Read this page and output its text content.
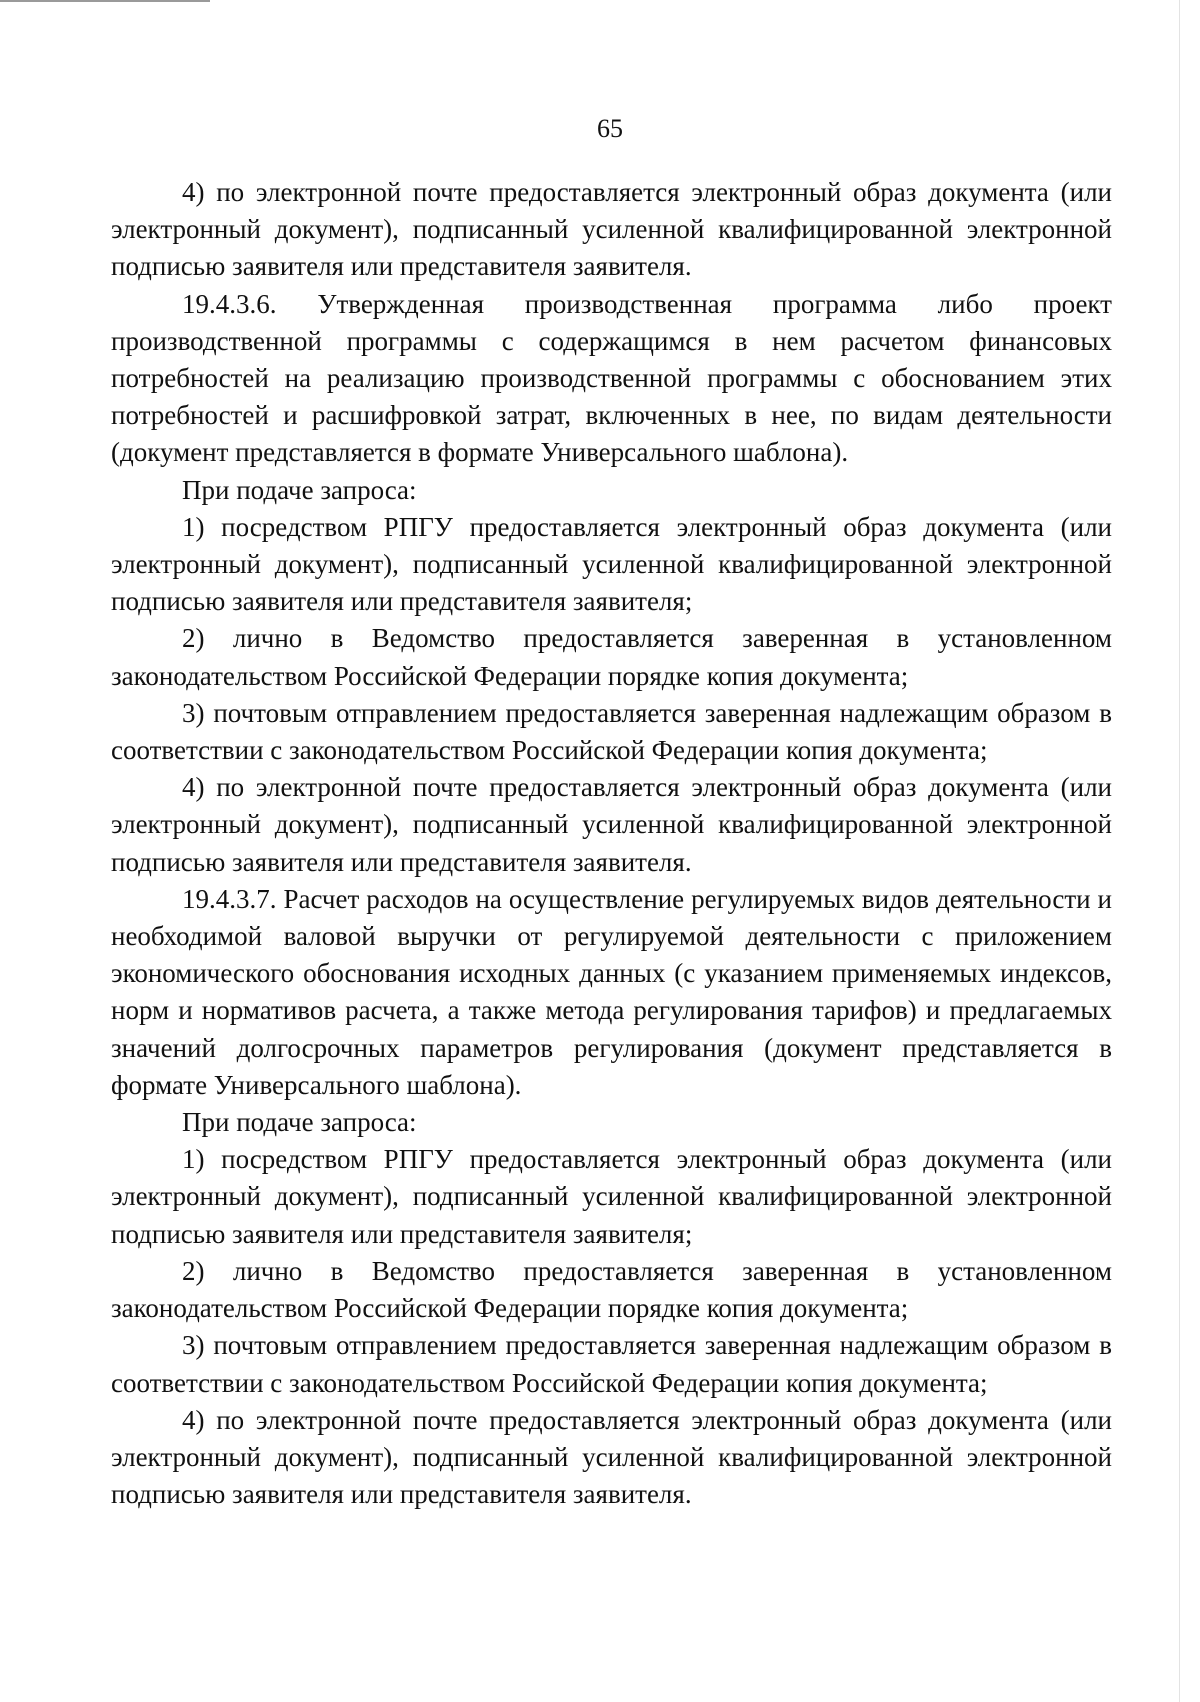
65

4) по электронной почте предоставляется электронный образ документа (или электронный документ), подписанный усиленной квалифицированной электронной подписью заявителя или представителя заявителя.

19.4.3.6. Утвержденная производственная программа либо проект производственной программы с содержащимся в нем расчетом финансовых потребностей на реализацию производственной программы с обоснованием этих потребностей и расшифровкой затрат, включенных в нее, по видам деятельности (документ представляется в формате Универсального шаблона).

При подаче запроса:

1) посредством РПГУ предоставляется электронный образ документа (или электронный документ), подписанный усиленной квалифицированной электронной подписью заявителя или представителя заявителя;

2) лично в Ведомство предоставляется заверенная в установленном законодательством Российской Федерации порядке копия документа;

3) почтовым отправлением предоставляется заверенная надлежащим образом в соответствии с законодательством Российской Федерации копия документа;

4) по электронной почте предоставляется электронный образ документа (или электронный документ), подписанный усиленной квалифицированной электронной подписью заявителя или представителя заявителя.

19.4.3.7. Расчет расходов на осуществление регулируемых видов деятельности и необходимой валовой выручки от регулируемой деятельности с приложением экономического обоснования исходных данных (с указанием применяемых индексов, норм и нормативов расчета, а также метода регулирования тарифов) и предлагаемых значений долгосрочных параметров регулирования (документ представляется в формате Универсального шаблона).

При подаче запроса:

1) посредством РПГУ предоставляется электронный образ документа (или электронный документ), подписанный усиленной квалифицированной электронной подписью заявителя или представителя заявителя;

2) лично в Ведомство предоставляется заверенная в установленном законодательством Российской Федерации порядке копия документа;

3) почтовым отправлением предоставляется заверенная надлежащим образом в соответствии с законодательством Российской Федерации копия документа;

4) по электронной почте предоставляется электронный образ документа (или электронный документ), подписанный усиленной квалифицированной электронной подписью заявителя или представителя заявителя.
